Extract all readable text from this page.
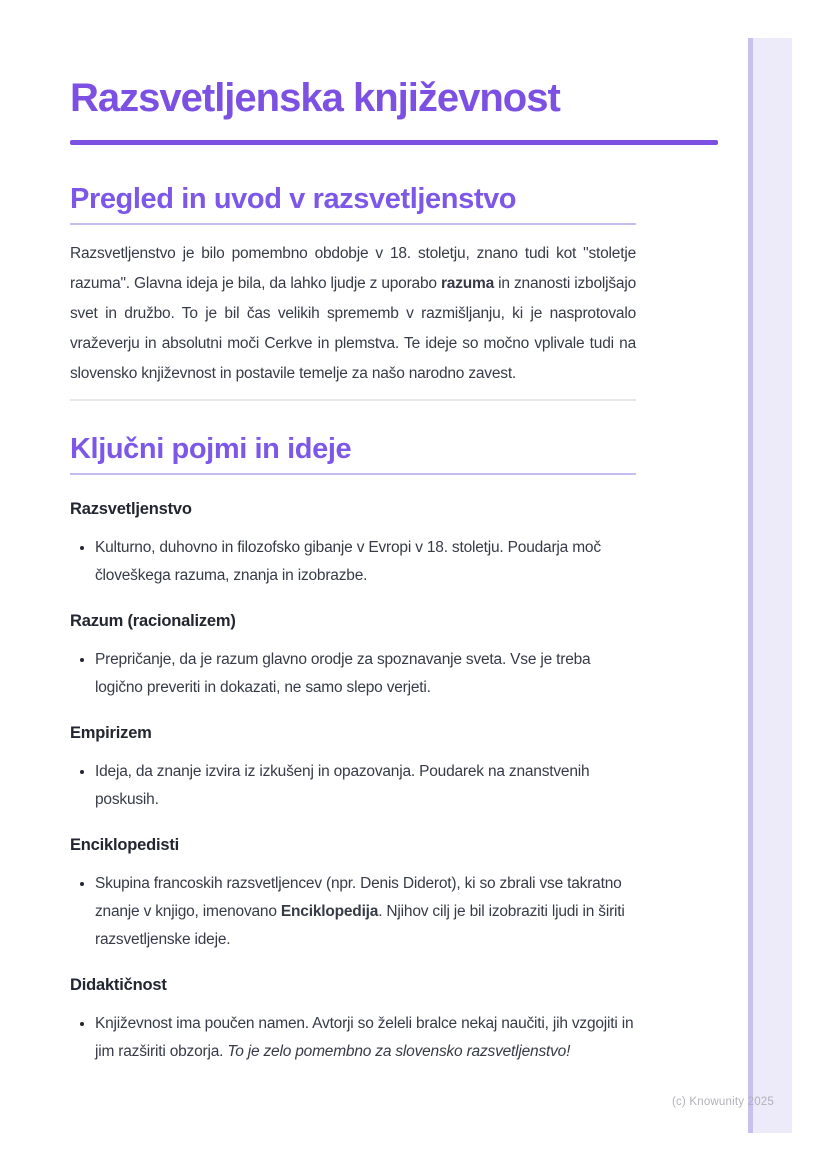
(c) Knowunity 2025
Razsvetljenska književnost
Pregled in uvod v razsvetljenstvo

Razsvetljenstvo je bilo pomembno obdobje v 18. stoletju, znano tudi kot "stoletje razuma". Glavna ideja je bila, da lahko ljudje z uporabo razuma in znanosti izboljšajo svet in družbo. To je bil čas velikih sprememb v razmišljanju, ki je nasprotovalo vraževerju in absolutni moči Cerkve in plemstva. Te ideje so močno vplivale tudi na slovensko književnost in postavile temelje za našo narodno zavest.

Ključni pojmi in ideje
Razsvetljenstvo
• Kulturno, duhovno in filozofsko gibanje v Evropi v 18. stoletju. Poudarja moč človeškega razuma, znanja in izobrazbe.
Razum (racionalizem)
• Prepričanje, da je razum glavno orodje za spoznavanje sveta. Vse je treba logično preveriti in dokazati, ne samo slepo verjeti.
Empirizem
• Ideja, da znanje izvira iz izkušenj in opazovanja. Poudarek na znanstvenih poskusih.
Enciklopedisti
• Skupina francoskih razsvetljencev (npr. Denis Diderot), ki so zbrali vse takratno znanje v knjigo, imenovano Enciklopedija. Njihov cilj je bil izobraziti ljudi in širiti razsvetljenske ideje.
Didaktičnost
• Književnost ima poučen namen. Avtorji so želeli bralce nekaj naučiti, jih vzgojiti in jim razširiti obzorja. To je zelo pomembno za slovensko razsvetljenstvo!
